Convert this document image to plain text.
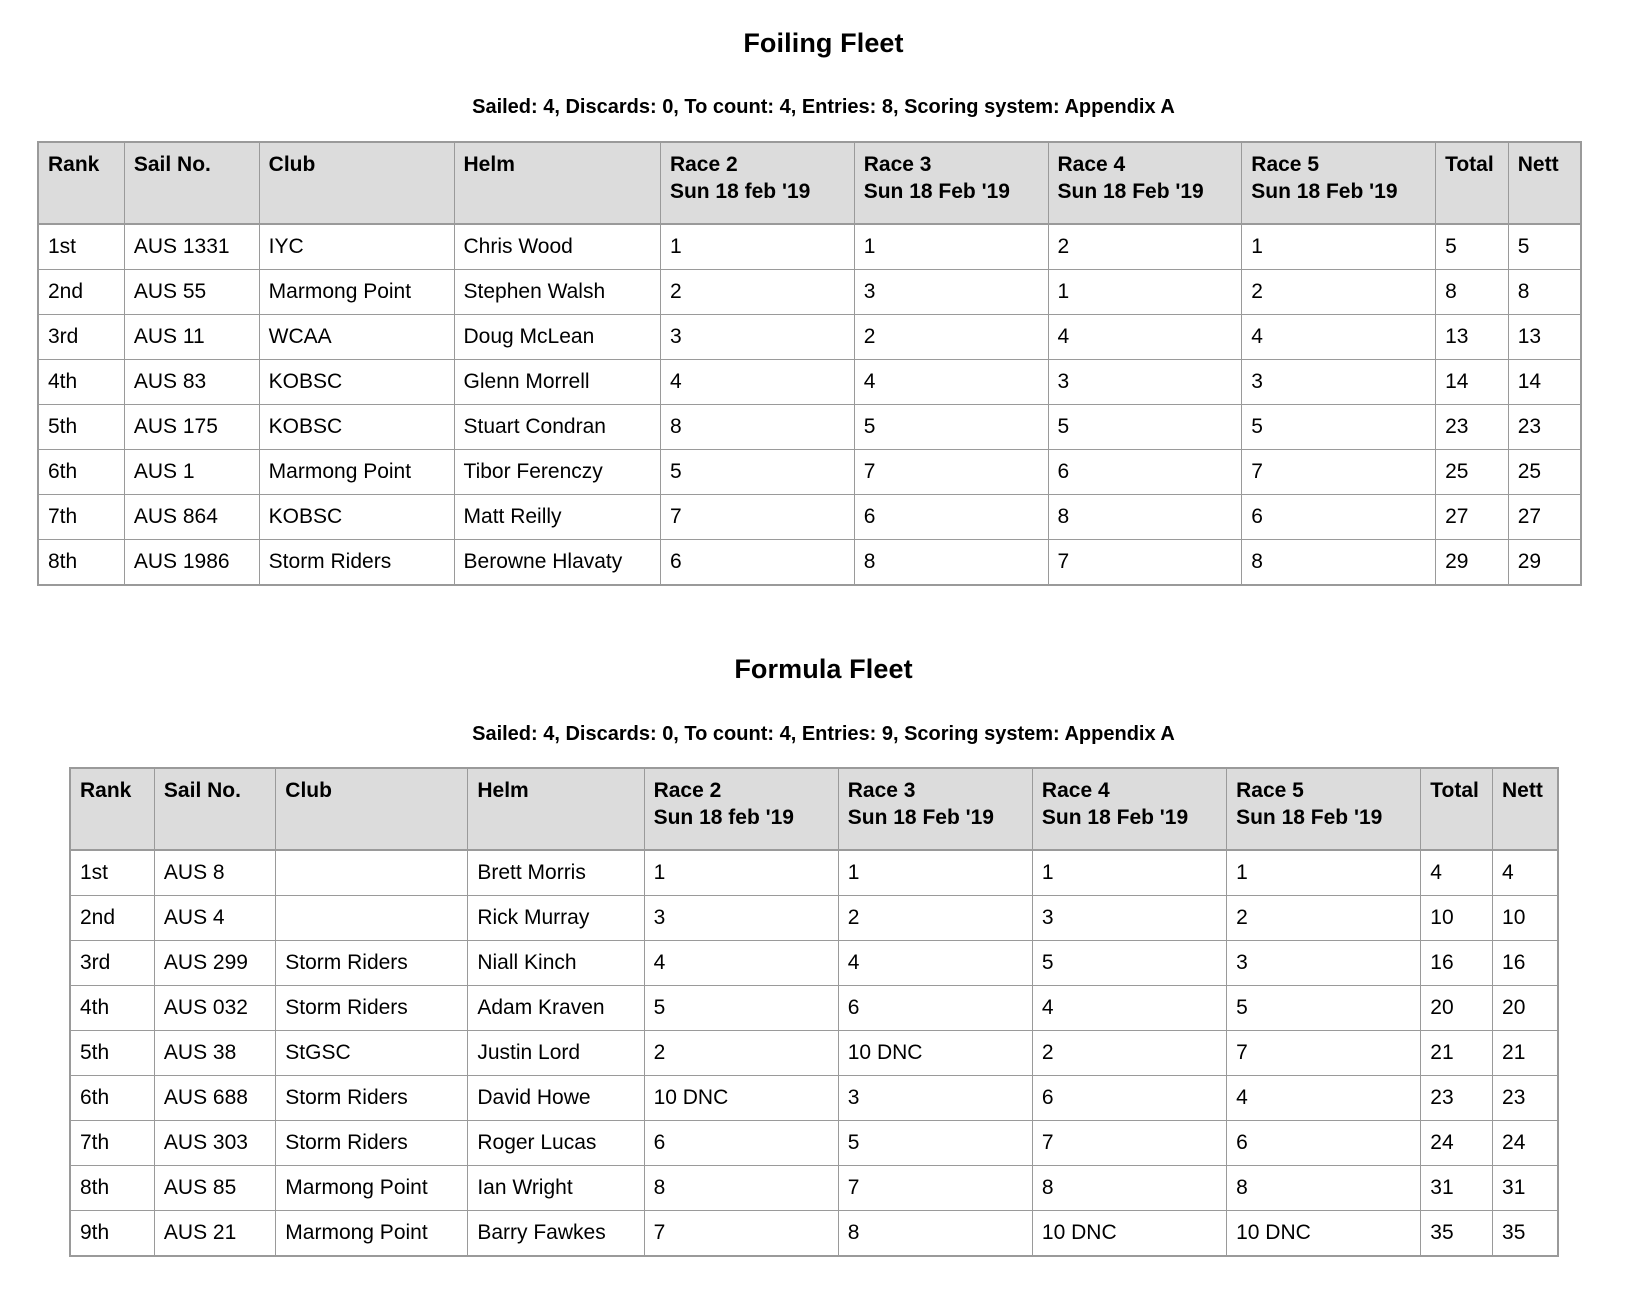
Foiling Fleet
Sailed: 4, Discards: 0, To count: 4, Entries: 8, Scoring system: Appendix A
Rank	Sail No.	Club	Helm	Race 2
Sun 18 feb '19	Race 3
Sun 18 Feb '19	Race 4
Sun 18 Feb '19	Race 5
Sun 18 Feb '19	Total	Nett
1st	AUS 1331	IYC	Chris Wood	1	1	2	1	5	5
2nd	AUS 55	Marmong Point	Stephen Walsh	2	3	1	2	8	8
3rd	AUS 11	WCAA	Doug McLean	3	2	4	4	13	13
4th	AUS 83	KOBSC	Glenn Morrell	4	4	3	3	14	14
5th	AUS 175	KOBSC	Stuart Condran	8	5	5	5	23	23
6th	AUS 1	Marmong Point	Tibor Ferenczy	5	7	6	7	25	25
7th	AUS 864	KOBSC	Matt Reilly	7	6	8	6	27	27
8th	AUS 1986	Storm Riders	Berowne Hlavaty	6	8	7	8	29	29
Formula Fleet
Sailed: 4, Discards: 0, To count: 4, Entries: 9, Scoring system: Appendix A
Rank	Sail No.	Club	Helm	Race 2
Sun 18 feb '19	Race 3
Sun 18 Feb '19	Race 4
Sun 18 Feb '19	Race 5
Sun 18 Feb '19	Total	Nett
1st	AUS 8		Brett Morris	1	1	1	1	4	4
2nd	AUS 4		Rick Murray	3	2	3	2	10	10
3rd	AUS 299	Storm Riders	Niall Kinch	4	4	5	3	16	16
4th	AUS 032	Storm Riders	Adam Kraven	5	6	4	5	20	20
5th	AUS 38	StGSC	Justin Lord	2	10 DNC	2	7	21	21
6th	AUS 688	Storm Riders	David Howe	10 DNC	3	6	4	23	23
7th	AUS 303	Storm Riders	Roger Lucas	6	5	7	6	24	24
8th	AUS 85	Marmong Point	Ian Wright	8	7	8	8	31	31
9th	AUS 21	Marmong Point	Barry Fawkes	7	8	10 DNC	10 DNC	35	35
